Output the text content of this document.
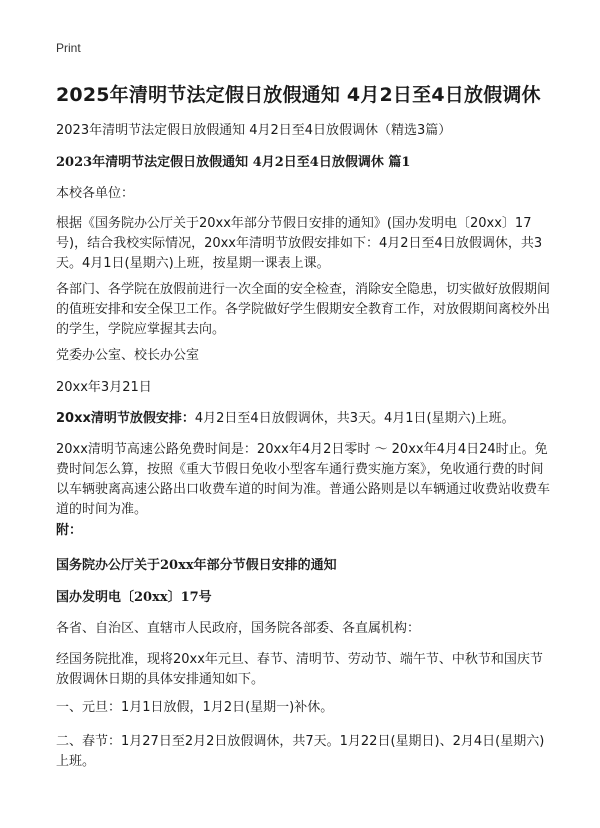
Print
2025年清明节法定假日放假通知 4月2日至4日放假调休

2023年清明节法定假日放假通知 4月2日至4日放假调休（精选3篇）

2023年清明节法定假日放假通知 4月2日至4日放假调休 篇1

本校各单位：

根据《国务院办公厅关于20xx年部分节假日安排的通知》(国办发明电〔20xx〕17号)，结合我校实际情况，20xx年清明节放假安排如下：4月2日至4日放假调休，共3天。4月1日(星期六)上班，按星期一课表上课。

各部门、各学院在放假前进行一次全面的安全检查，消除安全隐患，切实做好放假期间的值班安排和安全保卫工作。各学院做好学生假期安全教育工作，对放假期间离校外出的学生，学院应掌握其去向。

党委办公室、校长办公室

20xx年3月21日

20xx清明节放假安排：4月2日至4日放假调休，共3天。4月1日(星期六)上班。

20xx清明节高速公路免费时间是：20xx年4月2日零时 ～ 20xx年4月4日24时止。免费时间怎么算，按照《重大节假日免收小型客车通行费实施方案》，免收通行费的时间以车辆驶离高速公路出口收费车道的时间为准。普通公路则是以车辆通过收费站收费车道的时间为准。

附：

国务院办公厅关于20xx年部分节假日安排的通知

国办发明电〔20xx〕17号

各省、自治区、直辖市人民政府，国务院各部委、各直属机构：

经国务院批准，现将20xx年元旦、春节、清明节、劳动节、端午节、中秋节和国庆节放假调休日期的具体安排通知如下。

一、元旦：1月1日放假，1月2日(星期一)补休。

二、春节：1月27日至2月2日放假调休，共7天。1月22日(星期日)、2月4日(星期六)上班。
